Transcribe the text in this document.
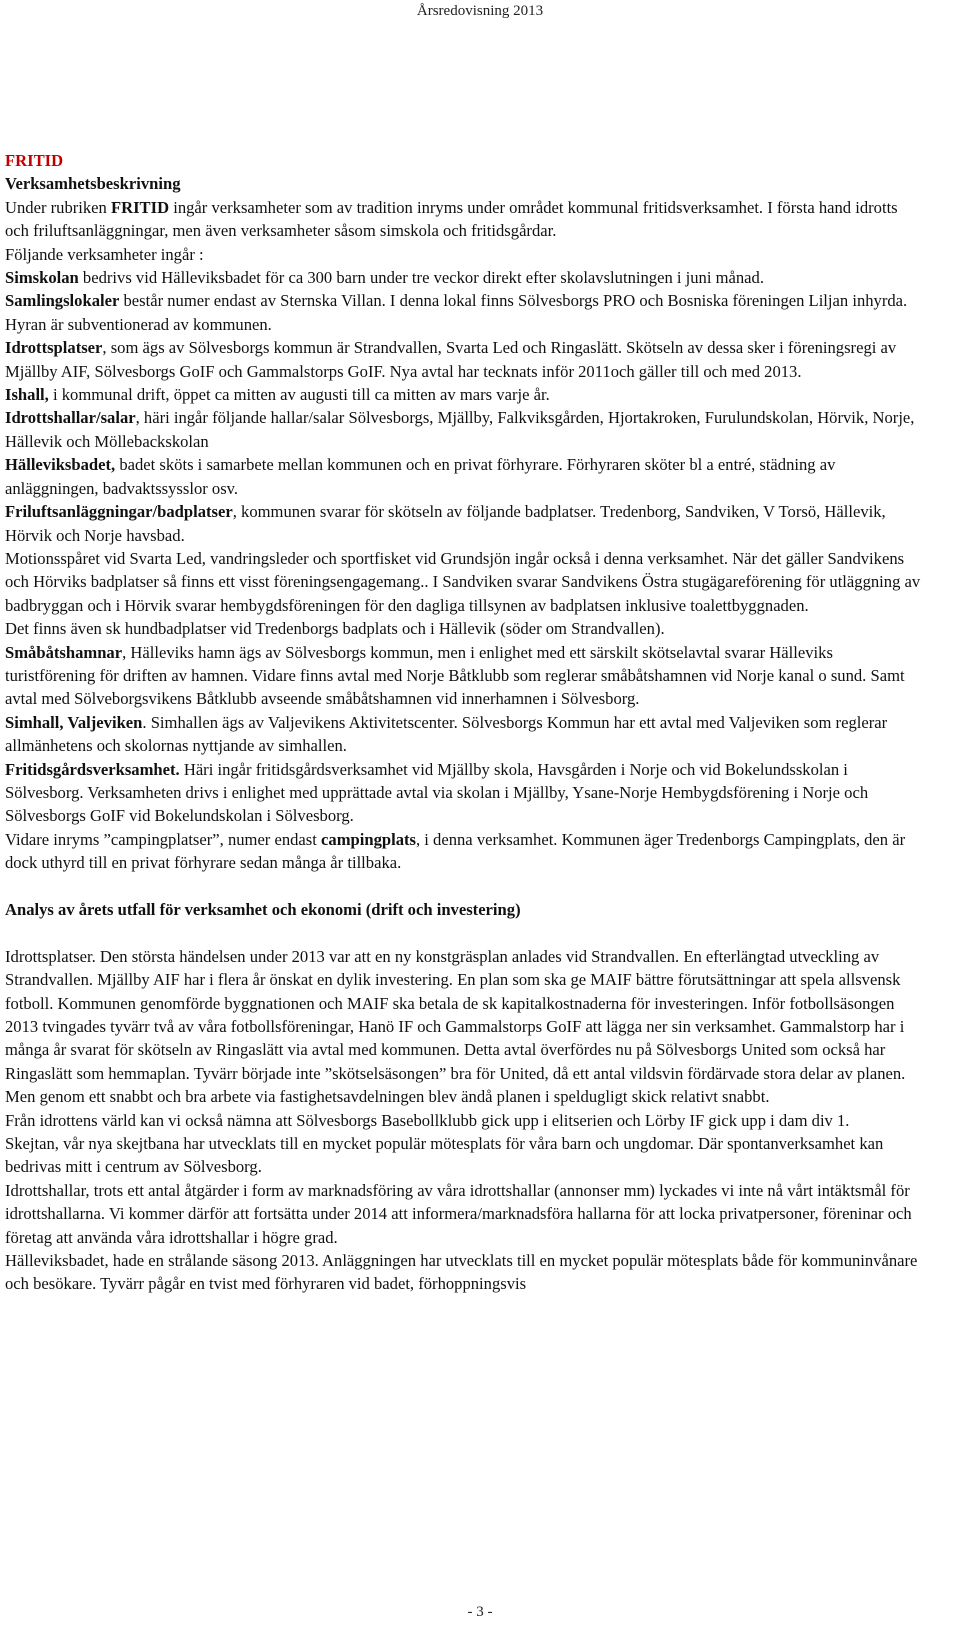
Årsredovisning 2013

FRITID

Verksamhetsbeskrivning

Under rubriken FRITID ingår verksamheter som av tradition inryms under området kommunal fritidsverksamhet. I första hand idrotts och friluftsanläggningar, men även verksamheter såsom simskola och fritidsgårdar.

Följande verksamheter ingår :

Simskolan bedrivs vid Hälleviksbadet för ca 300 barn under tre veckor direkt efter skolavslutningen i juni månad.

Samlingslokaler består numer endast av Sternska Villan. I denna lokal finns Sölvesborgs PRO och Bosniska föreningen Liljan inhyrda. Hyran är subventionerad av kommunen.

Idrottsplatser, som ägs av Sölvesborgs kommun är Strandvallen, Svarta Led och Ringaslätt. Skötseln av dessa sker i föreningsregi av Mjällby AIF, Sölvesborgs GoIF och Gammalstorps GoIF. Nya avtal har tecknats inför 2011och gäller till och med 2013.

Ishall, i kommunal drift, öppet ca mitten av augusti till ca mitten av mars varje år.

Idrottshallar/salar, häri ingår följande hallar/salar Sölvesborgs, Mjällby, Falkviksgården, Hjortakroken, Furulundskolan, Hörvik, Norje, Hällevik och Möllebackskolan

Hälleviksbadet, badet sköts i samarbete mellan kommunen och en privat förhyrare. Förhyraren sköter bl a entré, städning av anläggningen, badvaktssysslor osv.

Friluftsanläggningar/badplatser, kommunen svarar för skötseln av följande badplatser. Tredenborg, Sandviken, V Torsö, Hällevik, Hörvik och Norje havsbad.

Motionsspåret vid Svarta Led, vandringsleder och sportfisket vid Grundsjön ingår också i denna verksamhet. När det gäller Sandvikens och Hörviks badplatser så finns ett visst föreningsengagemang.. I Sandviken svarar Sandvikens Östra stugägareförening för utläggning av badbryggan och i Hörvik svarar hembygdsföreningen för den dagliga tillsynen av badplatsen inklusive toalettbyggnaden.

Det finns även sk hundbadplatser vid Tredenborgs badplats och i Hällevik (söder om Strandvallen).

Småbåtshamnar, Hälleviks hamn ägs av Sölvesborgs kommun, men i enlighet med ett särskilt skötselavtal svarar Hälleviks turistförening för driften av hamnen. Vidare finns avtal med Norje Båtklubb som reglerar småbåtshamnen vid Norje kanal o sund. Samt avtal med Sölveborgsvikens Båtklubb avseende småbåtshamnen vid innerhamnen i Sölvesborg.

Simhall, Valjeviken. Simhallen ägs av Valjevikens Aktivitetscenter. Sölvesborgs Kommun har ett avtal med Valjeviken som reglerar allmänhetens och skolornas nyttjande av simhallen.

Fritidsgårdsverksamhet. Häri ingår fritidsgårdsverksamhet vid Mjällby skola, Havsgården i Norje och vid Bokelundsskolan i Sölvesborg. Verksamheten drivs i enlighet med upprättade avtal via skolan i Mjällby, Ysane-Norje Hembygdsförening i Norje och Sölvesborgs GoIF vid Bokelundskolan i Sölvesborg.

Vidare inryms ”campingplatser”, numer endast campingplats, i denna verksamhet. Kommunen äger Tredenborgs Campingplats, den är dock uthyrd till en privat förhyrare sedan många år tillbaka.

Analys av årets utfall för verksamhet och ekonomi (drift och investering)

Idrottsplatser. Den största händelsen under 2013 var att en ny konstgräsplan anlades vid Strandvallen. En efterlängtad utveckling av Strandvallen. Mjällby AIF har i flera år önskat en dylik investering. En plan som ska ge MAIF bättre förutsättningar att spela allsvensk fotboll. Kommunen genomförde byggnationen och MAIF ska betala de sk kapitalkostnaderna för investeringen. Inför fotbollsäsongen 2013 tvingades tyvärr två av våra fotbollsföreningar, Hanö IF och Gammalstorps GoIF att lägga ner sin verksamhet. Gammalstorp har i många år svarat för skötseln av Ringaslätt via avtal med kommunen. Detta avtal överfördes nu på Sölvesborgs United som också har Ringaslätt som hemmaplan. Tyvärr började inte ”skötselsäsongen” bra för United, då ett antal vildsvin fördärvade stora delar av planen. Men genom ett snabbt och bra arbete via fastighetsavdelningen blev ändå planen i speldugligt skick relativt snabbt.

Från idrottens värld kan vi också nämna att Sölvesborgs Basebollklubb gick upp i elitserien och Lörby IF gick upp i dam div 1.

Skejtan, vår nya skejtbana har utvecklats till en mycket populär mötesplats för våra barn och ungdomar. Där spontanverksamhet kan bedrivas mitt i centrum av Sölvesborg.

Idrottshallar, trots ett antal åtgärder i form av marknadsföring av våra idrottshallar (annonser mm) lyckades vi inte nå vårt intäktsmål för idrottshallarna. Vi kommer därför att fortsätta under 2014 att informera/marknadsföra hallarna för att locka privatpersoner, föreninar och företag att använda våra idrottshallar i högre grad.

Hälleviksbadet, hade en strålande säsong 2013. Anläggningen har utvecklats till en mycket populär mötesplats både för kommuninvånare och besökare. Tyvärr pågår en tvist med förhyraren vid badet, förhoppningsvis

- 3 -
